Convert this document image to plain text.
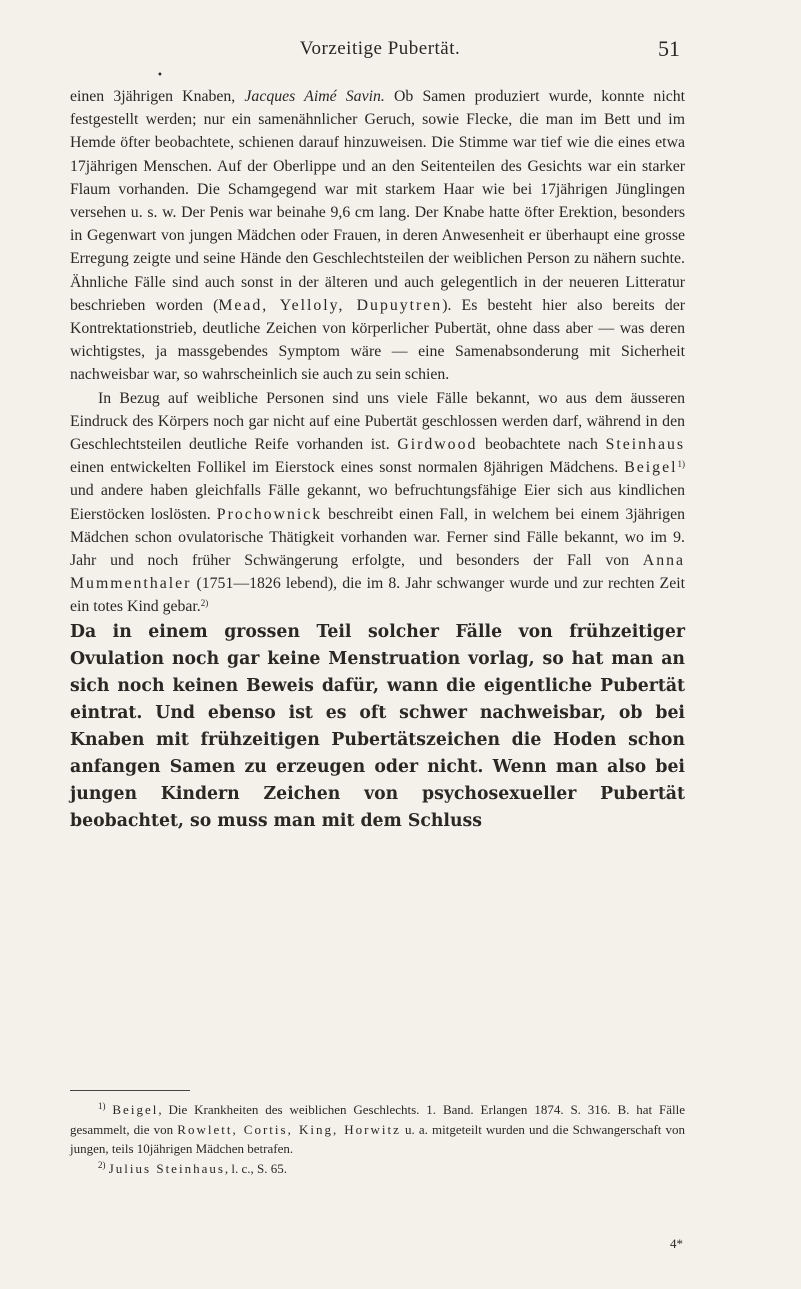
Vorzeitige Pubertät.	51
•

einen 3jährigen Knaben, Jacques Aimé Savin. Ob Samen produziert wurde, konnte nicht festgestellt werden; nur ein samenähnlicher Geruch, sowie Flecke, die man im Bett und im Hemde öfter beobachtete, schienen darauf hinzuweisen. Die Stimme war tief wie die eines etwa 17jährigen Menschen. Auf der Oberlippe und an den Seitenteilen des Gesichts war ein starker Flaum vorhanden. Die Schamgegend war mit starkem Haar wie bei 17jährigen Jünglingen versehen u. s. w. Der Penis war beinahe 9,6 cm lang. Der Knabe hatte öfter Erektion, besonders in Gegenwart von jungen Mädchen oder Frauen, in deren Anwesenheit er überhaupt eine grosse Erregung zeigte und seine Hände den Geschlechtsteilen der weiblichen Person zu nähern suchte. Ähnliche Fälle sind auch sonst in der älteren und auch gelegentlich in der neueren Litteratur beschrieben worden (Mead, Yelloly, Dupuytren). Es besteht hier also bereits der Kontrektationstrieb, deutliche Zeichen von körperlicher Pubertät, ohne dass aber — was deren wichtigstes, ja massgebendes Symptom wäre — eine Samenabsonderung mit Sicherheit nachweisbar war, so wahrscheinlich sie auch zu sein schien.

In Bezug auf weibliche Personen sind uns viele Fälle bekannt, wo aus dem äusseren Eindruck des Körpers noch gar nicht auf eine Pubertät geschlossen werden darf, während in den Geschlechtsteilen deutliche Reife vorhanden ist. Girdwood beobachtete nach Steinhaus einen entwickelten Follikel im Eierstock eines sonst normalen 8jährigen Mädchens. Beigel$^{1)}$ und andere haben gleichfalls Fälle gekannt, wo befruchtungsfähige Eier sich aus kindlichen Eierstöcken loslösten. Prochownick beschreibt einen Fall, in welchem bei einem 3jährigen Mädchen schon ovulatorische Thätigkeit vorhanden war. Ferner sind Fälle bekannt, wo im 9. Jahr und noch früher Schwängerung erfolgte, und besonders der Fall von Anna Mummenthaler (1751—1826 lebend), die im 8. Jahr schwanger wurde und zur rechten Zeit ein totes Kind gebar.$^{2)}$

Da in einem grossen Teil solcher Fälle von frühzeitiger Ovulation noch gar keine Menstruation vorlag, so hat man an sich noch keinen Beweis dafür, wann die eigentliche Pubertät eintrat. Und ebenso ist es oft schwer nachweisbar, ob bei Knaben mit frühzeitigen Pubertätszeichen die Hoden schon anfangen Samen zu erzeugen oder nicht. Wenn man also bei jungen Kindern Zeichen von psychosexueller Pubertät beobachtet, so muss man mit dem Schluss

$^{1)}$ Beigel, Die Krankheiten des weiblichen Geschlechts. 1. Band. Erlangen 1874. S. 316. B. hat Fälle gesammelt, die von Rowlett, Cortis, King, Horwitz u. a. mitgeteilt wurden und die Schwangerschaft von jungen, teils 10jährigen Mädchen betrafen.

$^{2)}$ Julius Steinhaus, l. c., S. 65.

4*
